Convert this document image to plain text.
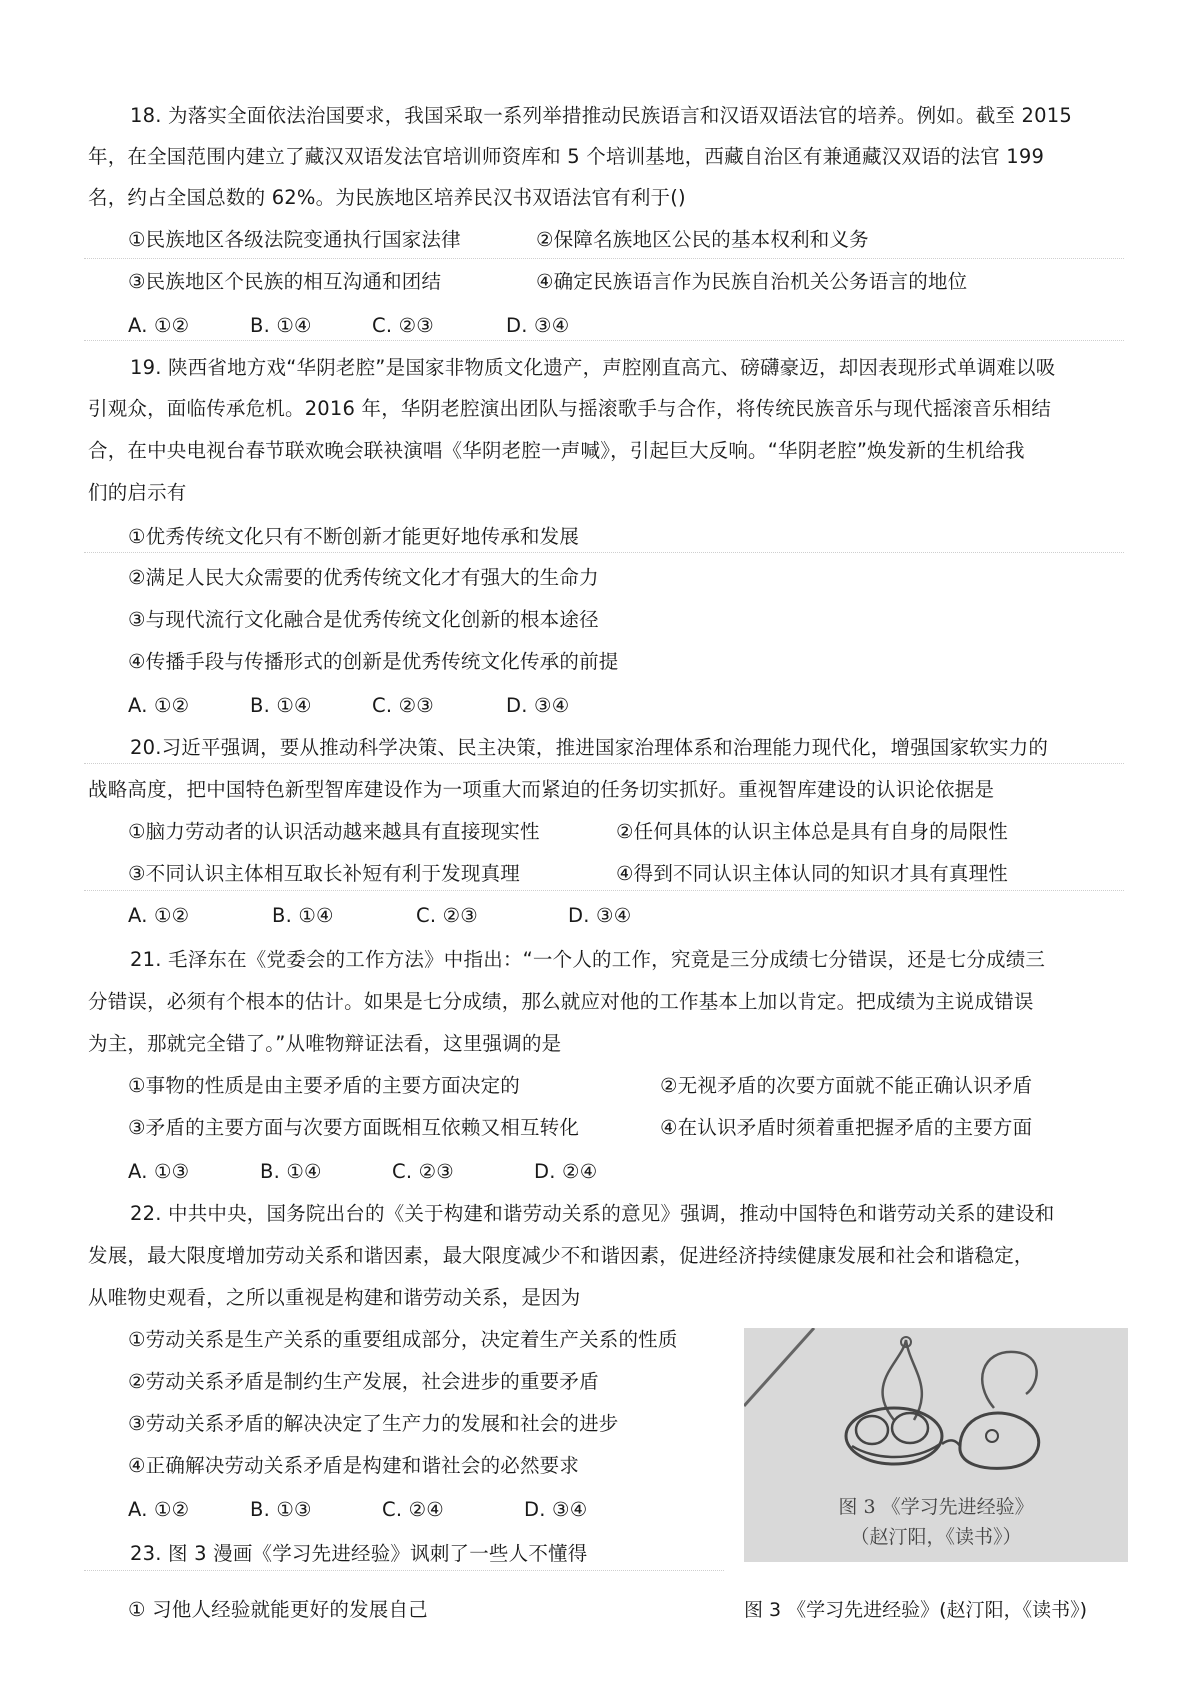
18. 为落实全面依法治国要求，我国采取一系列举措推动民族语言和汉语双语法官的培养。例如。截至 2015
年，在全国范围内建立了藏汉双语发法官培训师资库和 5 个培训基地，西藏自治区有兼通藏汉双语的法官 199
名，约占全国总数的 62%。为民族地区培养民汉书双语法官有利于()
①民族地区各级法院变通执行国家法律	②保障名族地区公民的基本权利和义务
③民族地区个民族的相互沟通和团结	④确定民族语言作为民族自治机关公务语言的地位
A. ①②	B. ①④	C. ②③	D. ③④
19. 陕西省地方戏“华阴老腔”是国家非物质文化遗产，声腔刚直高亢、磅礴豪迈，却因表现形式单调难以吸
引观众，面临传承危机。2016 年，华阴老腔演出团队与摇滚歌手与合作，将传统民族音乐与现代摇滚音乐相结
合，在中央电视台春节联欢晚会联袂演唱《华阴老腔一声喊》，引起巨大反响。“华阴老腔”焕发新的生机给我
们的启示有
①优秀传统文化只有不断创新才能更好地传承和发展
②满足人民大众需要的优秀传统文化才有强大的生命力
③与现代流行文化融合是优秀传统文化创新的根本途径
④传播手段与传播形式的创新是优秀传统文化传承的前提
A. ①②	B. ①④	C. ②③	D. ③④
20.习近平强调，要从推动科学决策、民主决策，推进国家治理体系和治理能力现代化，增强国家软实力的
战略高度，把中国特色新型智库建设作为一项重大而紧迫的任务切实抓好。重视智库建设的认识论依据是
①脑力劳动者的认识活动越来越具有直接现实性	②任何具体的认识主体总是具有自身的局限性
③不同认识主体相互取长补短有利于发现真理	④得到不同认识主体认同的知识才具有真理性
A. ①②	B. ①④	C. ②③	D. ③④
21. 毛泽东在《党委会的工作方法》中指出：“一个人的工作，究竟是三分成绩七分错误，还是七分成绩三
分错误，必须有个根本的估计。如果是七分成绩，那么就应对他的工作基本上加以肯定。把成绩为主说成错误
为主，那就完全错了。”从唯物辩证法看，这里强调的是
①事物的性质是由主要矛盾的主要方面决定的	②无视矛盾的次要方面就不能正确认识矛盾
③矛盾的主要方面与次要方面既相互依赖又相互转化	④在认识矛盾时须着重把握矛盾的主要方面
A. ①③	B. ①④	C. ②③	D. ②④
22. 中共中央，国务院出台的《关于构建和谐劳动关系的意见》强调，推动中国特色和谐劳动关系的建设和
发展，最大限度增加劳动关系和谐因素，最大限度减少不和谐因素，促进经济持续健康发展和社会和谐稳定，
从唯物史观看，之所以重视是构建和谐劳动关系，是因为
①劳动关系是生产关系的重要组成部分，决定着生产关系的性质
②劳动关系矛盾是制约生产发展，社会进步的重要矛盾
③劳动关系矛盾的解决决定了生产力的发展和社会的进步
④正确解决劳动关系矛盾是构建和谐社会的必然要求
A. ①②	B. ①③	C. ②④	D. ③④
23. 图 3 漫画《学习先进经验》讽刺了一些人不懂得
① 习他人经验就能更好的发展自己
图 3 《学习先进经验》
（赵汀阳，《读书》）
图 3 《学习先进经验》(赵汀阳，《读书》)
